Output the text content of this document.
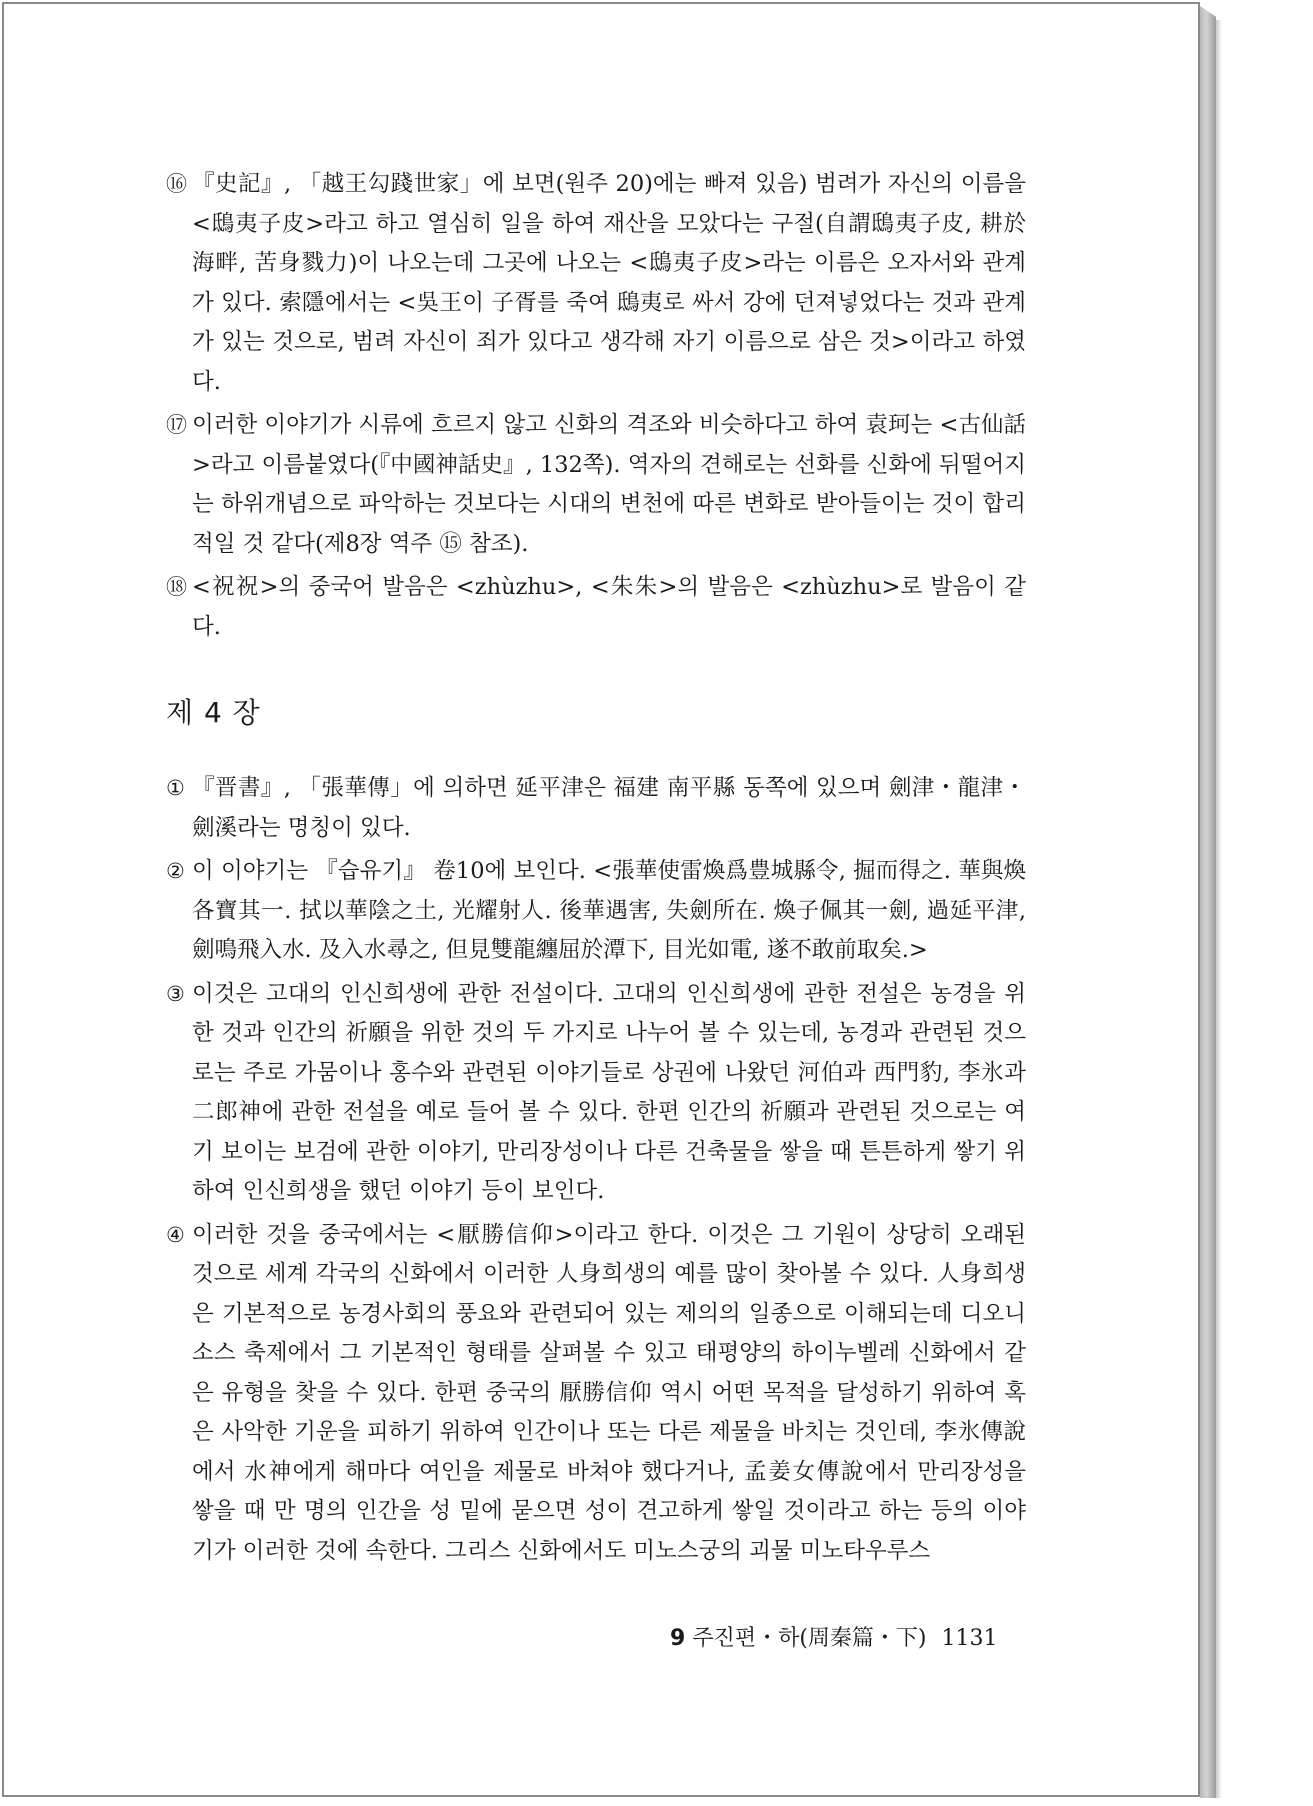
⑯ 『史記』, 「越王勾踐世家」에 보면(원주 20)에는 빠져 있음) 범려가 자신의 이름을 <鴟夷子皮>라고 하고 열심히 일을 하여 재산을 모았다는 구절(自謂鴟夷子皮, 耕於海畔, 苦身戮力)이 나오는데 그곳에 나오는 <鴟夷子皮>라는 이름은 오자서와 관계가 있다. 索隱에서는 <吳王이 子胥를 죽여 鴟夷로 싸서 강에 던져넣었다는 것과 관계가 있는 것으로, 범려 자신이 죄가 있다고 생각해 자기 이름으로 삼은 것>이라고 하였다.
⑰ 이러한 이야기가 시류에 흐르지 않고 신화의 격조와 비슷하다고 하여 袁珂는 <古仙話>라고 이름붙였다(『中國神話史』, 132쪽). 역자의 견해로는 선화를 신화에 뒤떨어지는 하위개념으로 파악하는 것보다는 시대의 변천에 따른 변화로 받아들이는 것이 합리적일 것 같다(제8장 역주 ⑮ 참조).
⑱ <祝祝>의 중국어 발음은 <zhùzhu>, <朱朱>의 발음은 <zhùzhu>로 발음이 같다.
제 4 장
① 『晋書』, 「張華傳」에 의하면 延平津은 福建 南平縣 동쪽에 있으며 劍津・龍津・劍溪라는 명칭이 있다.
② 이 이야기는 『습유기』 卷10에 보인다. <張華使雷煥爲豊城縣令, 掘而得之. 華與煥各寶其一. 拭以華陰之土, 光耀射人. 後華遇害, 失劍所在. 煥子佩其一劍, 過延平津, 劍鳴飛入水. 及入水尋之, 但見雙龍纏屈於潭下, 目光如電, 遂不敢前取矣.>
③ 이것은 고대의 인신희생에 관한 전설이다. 고대의 인신희생에 관한 전설은 농경을 위한 것과 인간의 祈願을 위한 것의 두 가지로 나누어 볼 수 있는데, 농경과 관련된 것으로는 주로 가뭄이나 홍수와 관련된 이야기들로 상권에 나왔던 河伯과 西門豹, 李氷과 二郎神에 관한 전설을 예로 들어 볼 수 있다. 한편 인간의 祈願과 관련된 것으로는 여기 보이는 보검에 관한 이야기, 만리장성이나 다른 건축물을 쌓을 때 튼튼하게 쌓기 위하여 인신희생을 했던 이야기 등이 보인다.
④ 이러한 것을 중국에서는 <厭勝信仰>이라고 한다. 이것은 그 기원이 상당히 오래된 것으로 세계 각국의 신화에서 이러한 人身희생의 예를 많이 찾아볼 수 있다. 人身희생은 기본적으로 농경사회의 풍요와 관련되어 있는 제의의 일종으로 이해되는데 디오니소스 축제에서 그 기본적인 형태를 살펴볼 수 있고 태평양의 하이누벨레 신화에서 같은 유형을 찾을 수 있다. 한편 중국의 厭勝信仰 역시 어떤 목적을 달성하기 위하여 혹은 사악한 기운을 피하기 위하여 인간이나 또는 다른 제물을 바치는 것인데, 李氷傳說에서 水神에게 해마다 여인을 제물로 바쳐야 했다거나, 孟姜女傳說에서 만리장성을 쌓을 때 만 명의 인간을 성 밑에 묻으면 성이 견고하게 쌓일 것이라고 하는 등의 이야기가 이러한 것에 속한다. 그리스 신화에서도 미노스궁의 괴물 미노타우루스
9 주진편・하(周秦篇・下) 1131
